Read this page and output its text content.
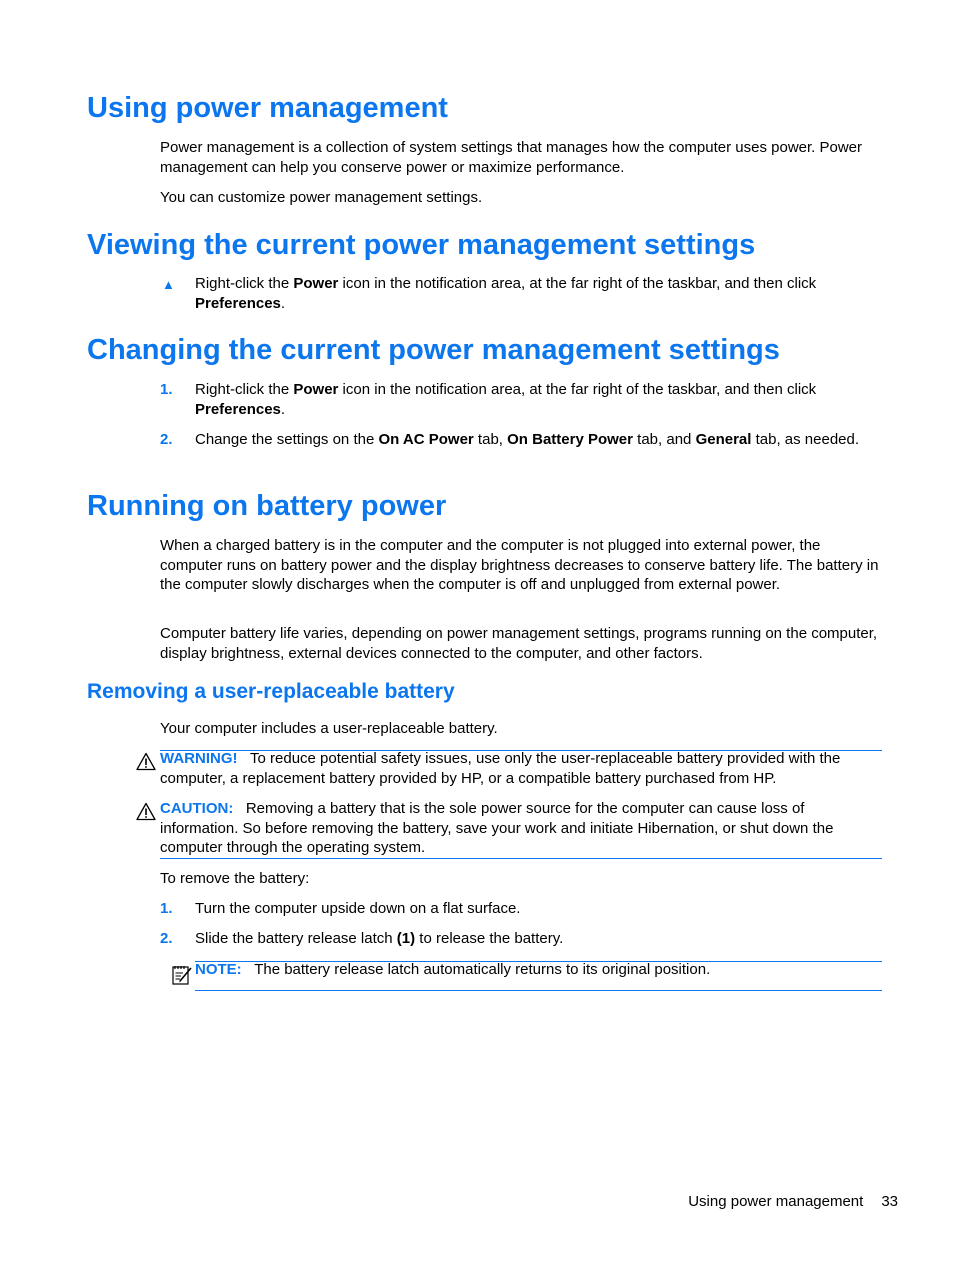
Using power management

Power management is a collection of system settings that manages how the computer uses power. Power management can help you conserve power or maximize performance.

You can customize power management settings.

Viewing the current power management settings
▲ Right-click the Power icon in the notification area, at the far right of the taskbar, and then click Preferences.

Changing the current power management settings
1. Right-click the Power icon in the notification area, at the far right of the taskbar, and then click Preferences.

2. Change the settings on the On AC Power tab, On Battery Power tab, and General tab, as needed.

Running on battery power

When a charged battery is in the computer and the computer is not plugged into external power, the computer runs on battery power and the display brightness decreases to conserve battery life. The battery in the computer slowly discharges when the computer is off and unplugged from external power.

Computer battery life varies, depending on power management settings, programs running on the computer, display brightness, external devices connected to the computer, and other factors.

Removing a user-replaceable battery

Your computer includes a user-replaceable battery.

WARNING! To reduce potential safety issues, use only the user-replaceable battery provided with the computer, a replacement battery provided by HP, or a compatible battery purchased from HP.

CAUTION: Removing a battery that is the sole power source for the computer can cause loss of information. So before removing the battery, save your work and initiate Hibernation, or shut down the computer through the operating system.

To remove the battery:

1. Turn the computer upside down on a flat surface.

2. Slide the battery release latch (1) to release the battery.

NOTE: The battery release latch automatically returns to its original position.

Using power management 33
